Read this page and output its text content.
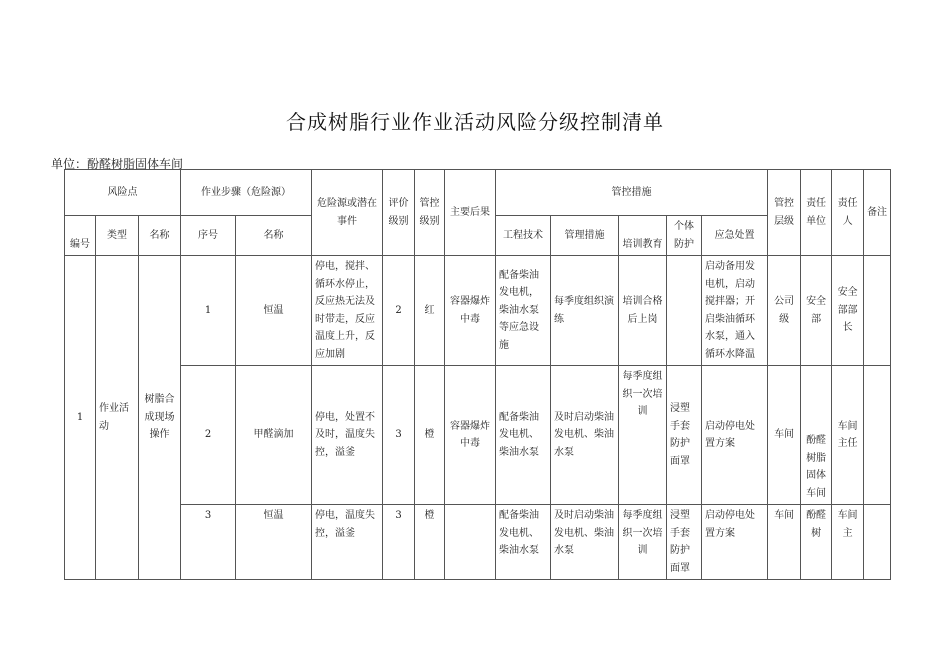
合成树脂行业作业活动风险分级控制清单
单位：酚醛树脂固体车间
风险点			作业步骤（危险源）		危险源或潜在事件	评价级别	管控级别	主要后果	管控措施					管控层级	责任单位	责任人	备注
编号	类型	名称	序号	名称					工程技术	管理措施	培训教育	个体防护	应急处置				
1	作业活动	树脂合成现场操作	1	恒温	停电，搅拌、循环水停止，反应热无法及时带走，反应温度上升，反应加剧	2	红	容器爆炸中毒	配备柴油发电机，柴油水泵等应急设施	每季度组织演练	培训合格后上岗		启动备用发电机，启动搅拌器；开启柴油循环水泵，通入循环水降温	公司级	安全部	安全部部长	
			2	甲醛滴加	停电，处置不及时，温度失控，溢釜	3	橙	容器爆炸中毒	配备柴油发电机、柴油水泵	及时启动柴油发电机、柴油水泵	每季度组织一次培训	浸塑手套防护面罩	启动停电处置方案	车间	酚醛树脂固体车间	车间主任	
			3	恒温	停电，温度失控，溢釜	3	橙		配备柴油发电机、柴油水泵	及时启动柴油发电机、柴油水泵	每季度组织一次培训	浸塑手套防护面罩	启动停电处置方案	车间	酚醛树	车间主	
